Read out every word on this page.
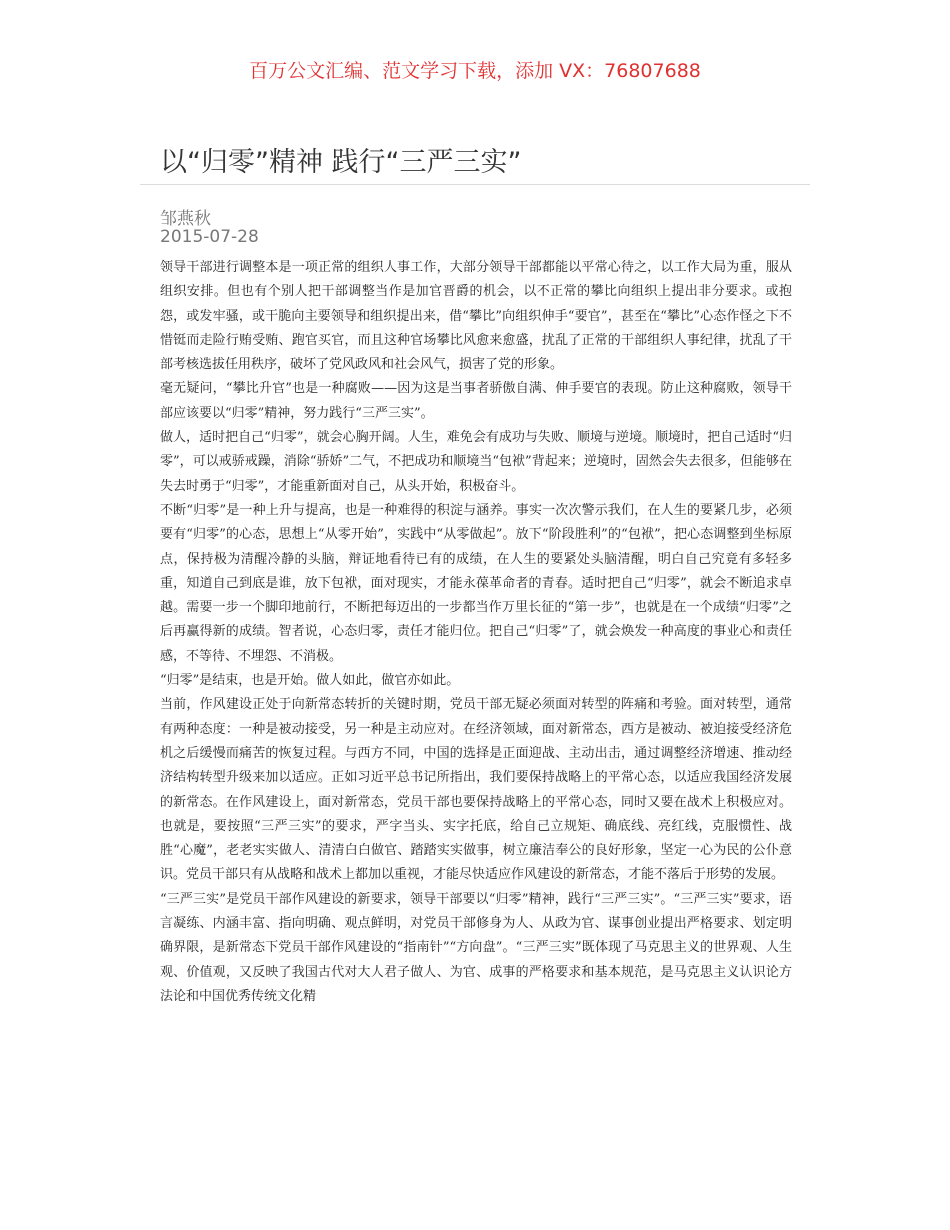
百万公文汇编、范文学习下载，添加 VX：76807688
以“归零”精神 践行“三严三实”
邹燕秋
2015-07-28

领导干部进行调整本是一项正常的组织人事工作，大部分领导干部都能以平常心待之，以工作大局为重，服从组织安排。但也有个别人把干部调整当作是加官晋爵的机会，以不正常的攀比向组织上提出非分要求。或抱怨，或发牢骚，或干脆向主要领导和组织提出来，借“攀比”向组织伸手“要官”，甚至在“攀比”心态作怪之下不惜铤而走险行贿受贿、跑官买官，而且这种官场攀比风愈来愈盛，扰乱了正常的干部组织人事纪律，扰乱了干部考核选拔任用秩序，破坏了党风政风和社会风气，损害了党的形象。

毫无疑问，“攀比升官”也是一种腐败——因为这是当事者骄傲自满、伸手要官的表现。防止这种腐败，领导干部应该要以“归零”精神，努力践行“三严三实”。

做人，适时把自己“归零”，就会心胸开阔。人生，难免会有成功与失败、顺境与逆境。顺境时，把自己适时“归零”，可以戒骄戒躁，消除“骄娇”二气，不把成功和顺境当“包袱”背起来；逆境时，固然会失去很多，但能够在失去时勇于“归零”，才能重新面对自己，从头开始，积极奋斗。

不断“归零”是一种上升与提高，也是一种难得的积淀与涵养。事实一次次警示我们，在人生的要紧几步，必须要有“归零”的心态，思想上“从零开始”，实践中“从零做起”。放下“阶段胜利”的“包袱”，把心态调整到坐标原点，保持极为清醒冷静的头脑，辩证地看待已有的成绩，在人生的要紧处头脑清醒，明白自己究竟有多轻多重，知道自己到底是谁，放下包袱，面对现实，才能永葆革命者的青春。适时把自己“归零”，就会不断追求卓越。需要一步一个脚印地前行，不断把每迈出的一步都当作万里长征的“第一步”，也就是在一个成绩“归零”之后再赢得新的成绩。智者说，心态归零，责任才能归位。把自己“归零”了，就会焕发一种高度的事业心和责任感，不等待、不埋怨、不消极。

“归零”是结束，也是开始。做人如此，做官亦如此。

当前，作风建设正处于向新常态转折的关键时期，党员干部无疑必须面对转型的阵痛和考验。面对转型，通常有两种态度：一种是被动接受，另一种是主动应对。在经济领域，面对新常态，西方是被动、被迫接受经济危机之后缓慢而痛苦的恢复过程。与西方不同，中国的选择是正面迎战、主动出击，通过调整经济增速、推动经济结构转型升级来加以适应。正如习近平总书记所指出，我们要保持战略上的平常心态，以适应我国经济发展的新常态。在作风建设上，面对新常态，党员干部也要保持战略上的平常心态，同时又要在战术上积极应对。也就是，要按照“三严三实”的要求，严字当头、实字托底，给自己立规矩、确底线、亮红线，克服惯性、战胜“心魔”，老老实实做人、清清白白做官、踏踏实实做事，树立廉洁奉公的良好形象，坚定一心为民的公仆意识。党员干部只有从战略和战术上都加以重视，才能尽快适应作风建设的新常态，才能不落后于形势的发展。

“三严三实”是党员干部作风建设的新要求，领导干部要以“归零”精神，践行“三严三实”。“三严三实”要求，语言凝练、内涵丰富、指向明确、观点鲜明，对党员干部修身为人、从政为官、谋事创业提出严格要求、划定明确界限，是新常态下党员干部作风建设的“指南针”“方向盘”。“三严三实”既体现了马克思主义的世界观、人生观、价值观，又反映了我国古代对大人君子做人、为官、成事的严格要求和基本规范，是马克思主义认识论方法论和中国优秀传统文化精
